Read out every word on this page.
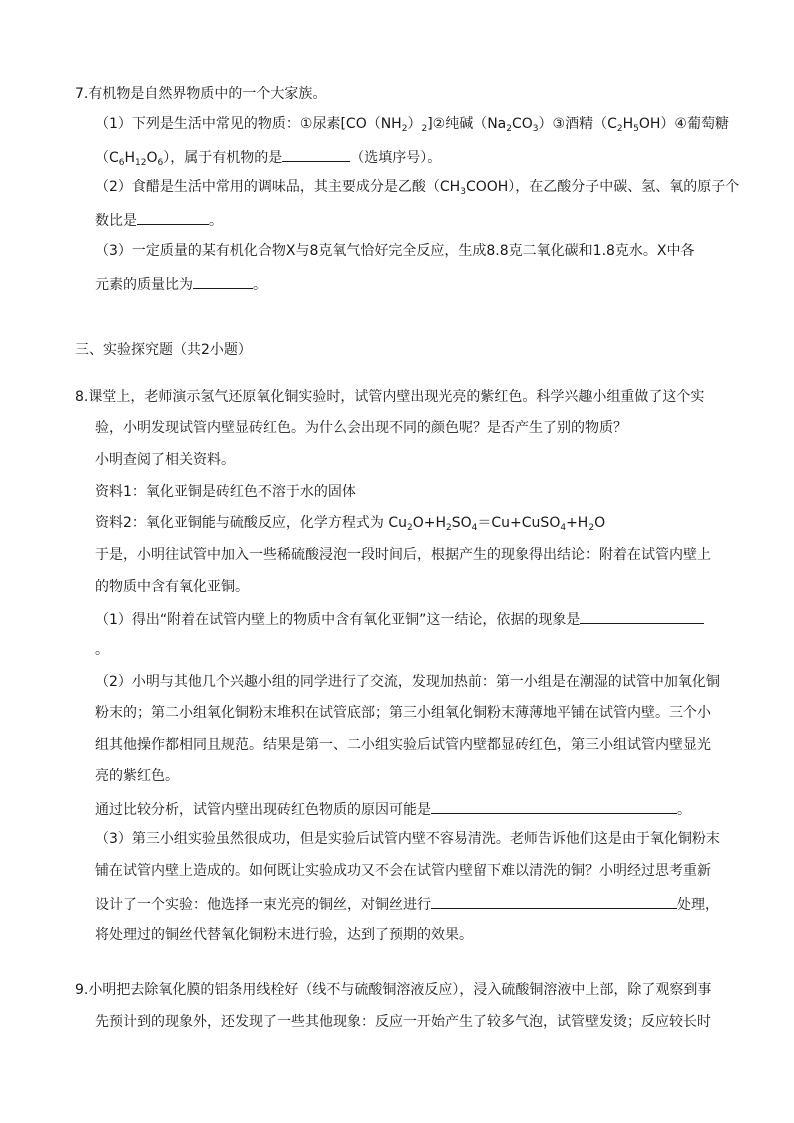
7.有机物是自然界物质中的一个大家族。
（1）下列是生活中常见的物质：①尿素$[CO(NH_2)_2]②$纯碱$(Na_2CO_3)③$酒精$(C_2H_5OH)④$葡萄糖
$(C_6H_{12}O_6)$，属于有机物的是	（选填序号）。
（2）食醋是生活中常用的调味品，其主要成分是乙酸$(CH_3COOH)$，在乙酸分子中碳、氢、氧的原子个
数比是	。
（3）一定质量的某有机化合物X与8克氧气恰好完全反应，生成8.8克二氧化碳和1.8克水。X中各
元素的质量比为	。
三、实验探究题（共2小题）
8.课堂上，老师演示氢气还原氧化铜实验时，试管内壁出现光亮的紫红色。科学兴趣小组重做了这个实
验，小明发现试管内壁显砖红色。为什么会出现不同的颜色呢？是否产生了别的物质？
小明查阅了相关资料。
资料1：氧化亚铜是砖红色不溶于水的固体
资料2：氧化亚铜能与硫酸反应，化学方程式为 $Cu_2O+H_2SO_4=Cu+CuSO_4+H_2O$
于是，小明往试管中加入一些稀硫酸浸泡一段时间后，根据产生的现象得出结论：附着在试管内壁上
的物质中含有氧化亚铜。
（1）得出“附着在试管内壁上的物质中含有氧化亚铜”这一结论，依据的现象是
。
（2）小明与其他几个兴趣小组的同学进行了交流，发现加热前：第一小组是在潮湿的试管中加氧化铜
粉末的；第二小组氧化铜粉末堆积在试管底部；第三小组氧化铜粉末薄薄地平铺在试管内壁。三个小
组其他操作都相同且规范。结果是第一、二小组实验后试管内壁都显砖红色，第三小组试管内壁显光
亮的紫红色。
通过比较分析，试管内壁出现砖红色物质的原因可能是	。
（3）第三小组实验虽然很成功，但是实验后试管内壁不容易清洗。老师告诉他们这是由于氧化铜粉末
铺在试管内壁上造成的。如何既让实验成功又不会在试管内壁留下难以清洗的铜？小明经过思考重新
设计了一个实验：他选择一束光亮的铜丝，对铜丝进行	处理，
将处理过的铜丝代替氧化铜粉末进行验，达到了预期的效果。
9.小明把去除氧化膜的铝条用线栓好（线不与硫酸铜溶液反应），浸入硫酸铜溶液中上部，除了观察到事
先预计到的现象外，还发现了一些其他现象：反应一开始产生了较多气泡，试管壁发烫；反应较长时
